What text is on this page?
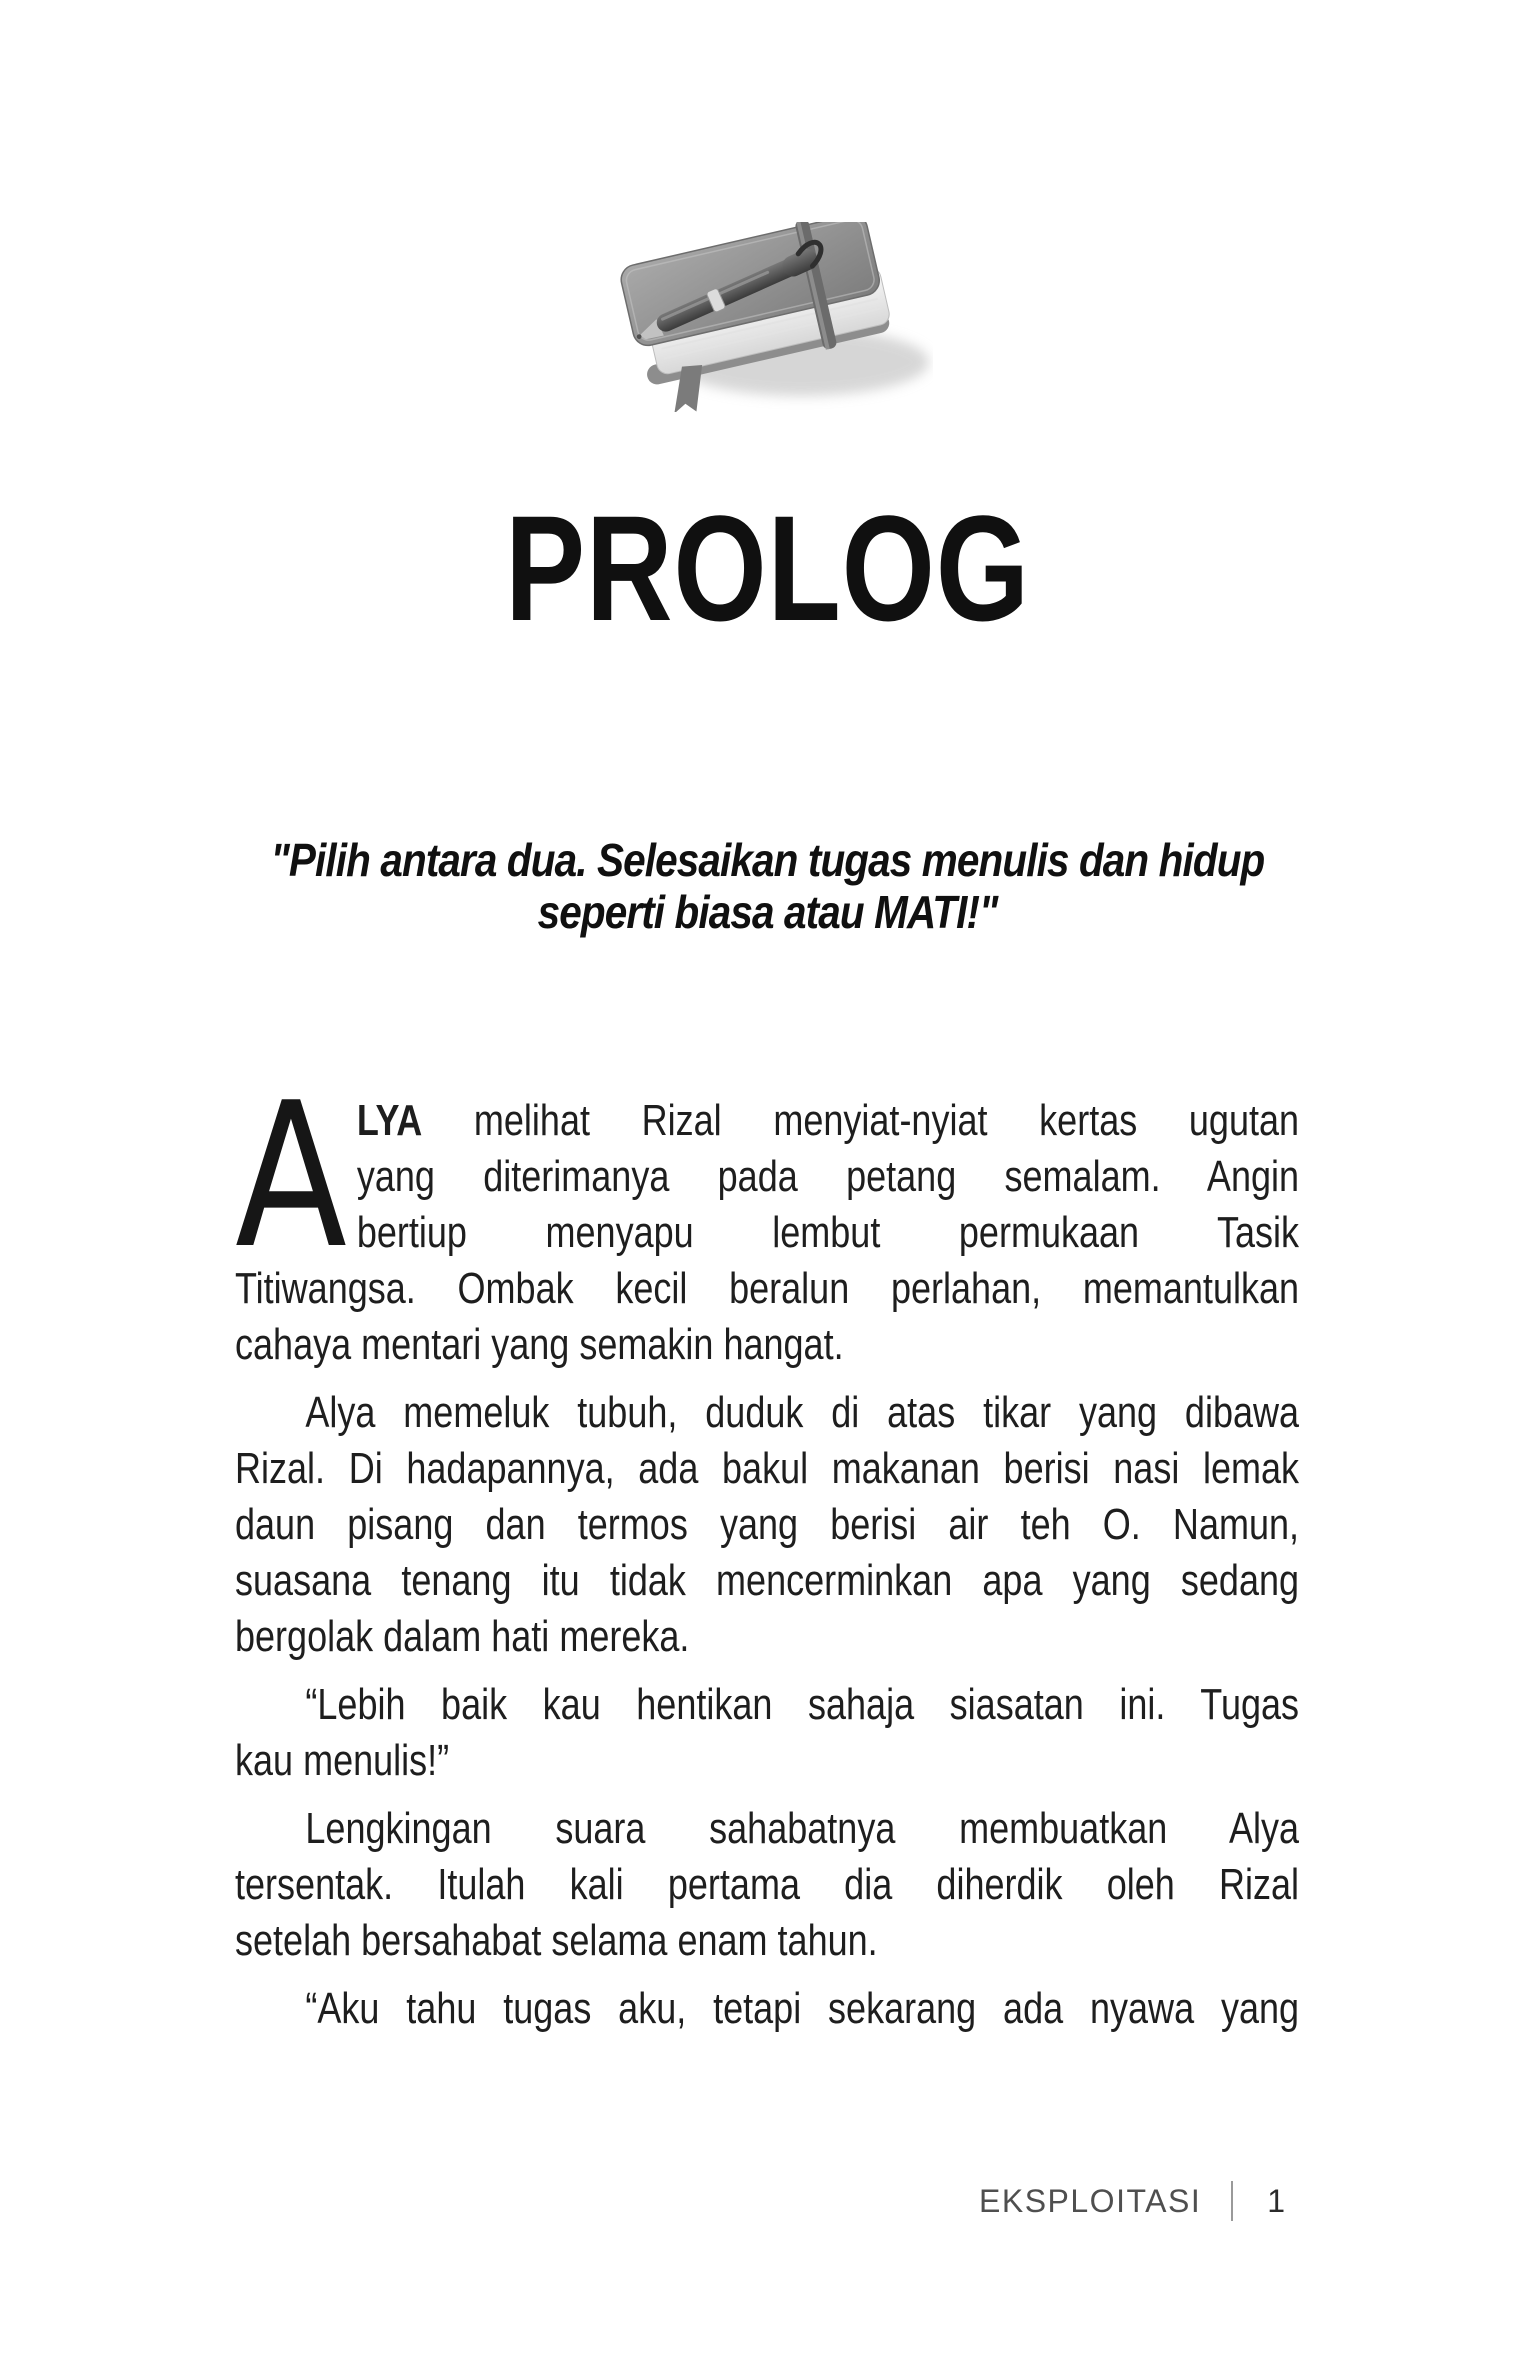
PROLOG
"Pilih antara dua. Selesaikan tugas menulis dan hidup
seperti biasa atau MATI!"
A LYA melihat Rizal menyiat-nyiat kertas ugutan
yang diterimanya pada petang semalam. Angin
bertiup menyapu lembut permukaan Tasik
Titiwangsa. Ombak kecil beralun perlahan, memantulkan
cahaya mentari yang semakin hangat.
Alya memeluk tubuh, duduk di atas tikar yang dibawa
Rizal. Di hadapannya, ada bakul makanan berisi nasi lemak
daun pisang dan termos yang berisi air teh O. Namun,
suasana tenang itu tidak mencerminkan apa yang sedang
bergolak dalam hati mereka.
“Lebih baik kau hentikan sahaja siasatan ini. Tugas
kau menulis!”
Lengkingan suara sahabatnya membuatkan Alya
tersentak. Itulah kali pertama dia diherdik oleh Rizal
setelah bersahabat selama enam tahun.
“Aku tahu tugas aku, tetapi sekarang ada nyawa yang
EKSPLOITASI 1
